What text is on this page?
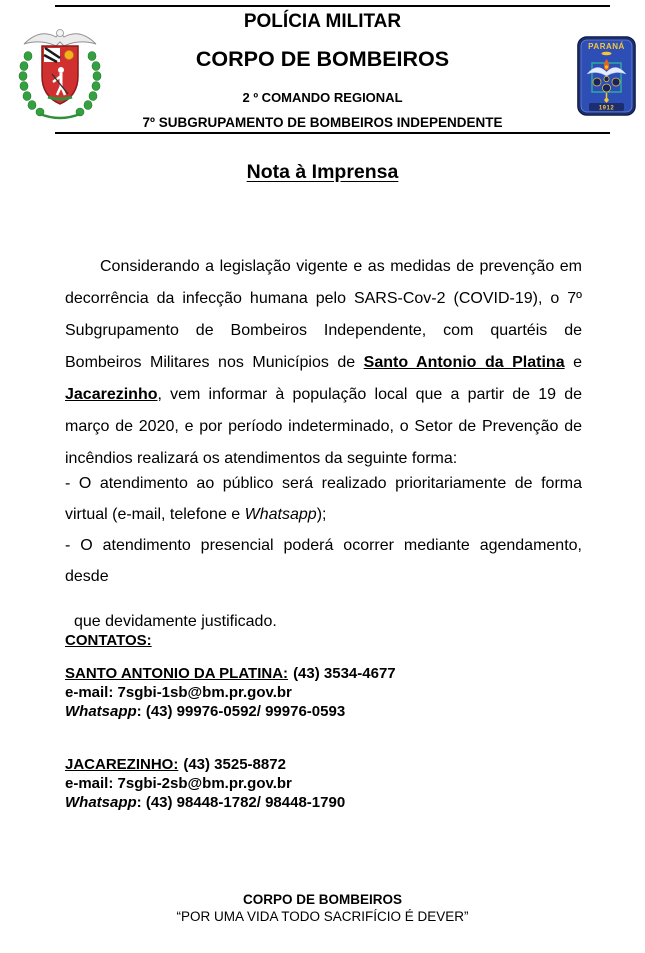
POLÍCIA MILITAR
CORPO DE BOMBEIROS
2 º COMANDO REGIONAL
7º SUBGRUPAMENTO DE BOMBEIROS INDEPENDENTE
PARANÁ
1912
Nota à Imprensa

Considerando a legislação vigente e as medidas de prevenção em decorrência da infecção humana pelo SARS-Cov-2 (COVID-19), o 7º Subgrupamento de Bombeiros Independente, com quartéis de Bombeiros Militares nos Municípios de Santo Antonio da Platina e Jacarezinho, vem informar à população local que a partir de 19 de março de 2020, e por período indeterminado, o Setor de Prevenção de incêndios realizará os atendimentos da seguinte forma:

- O atendimento ao público será realizado prioritariamente de forma virtual (e-mail, telefone e Whatsapp);

- O atendimento presencial poderá ocorrer mediante agendamento, desde

que devidamente justificado.

CONTATOS:
SANTO ANTONIO DA PLATINA: (43) 3534-4677
e-mail: 7sgbi-1sb@bm.pr.gov.br
Whatsapp: (43) 99976-0592/ 99976-0593
JACAREZINHO: (43) 3525-8872
e-mail: 7sgbi-2sb@bm.pr.gov.br
Whatsapp: (43) 98448-1782/ 98448-1790
CORPO DE BOMBEIROS
“POR UMA VIDA TODO SACRIFÍCIO É DEVER”
